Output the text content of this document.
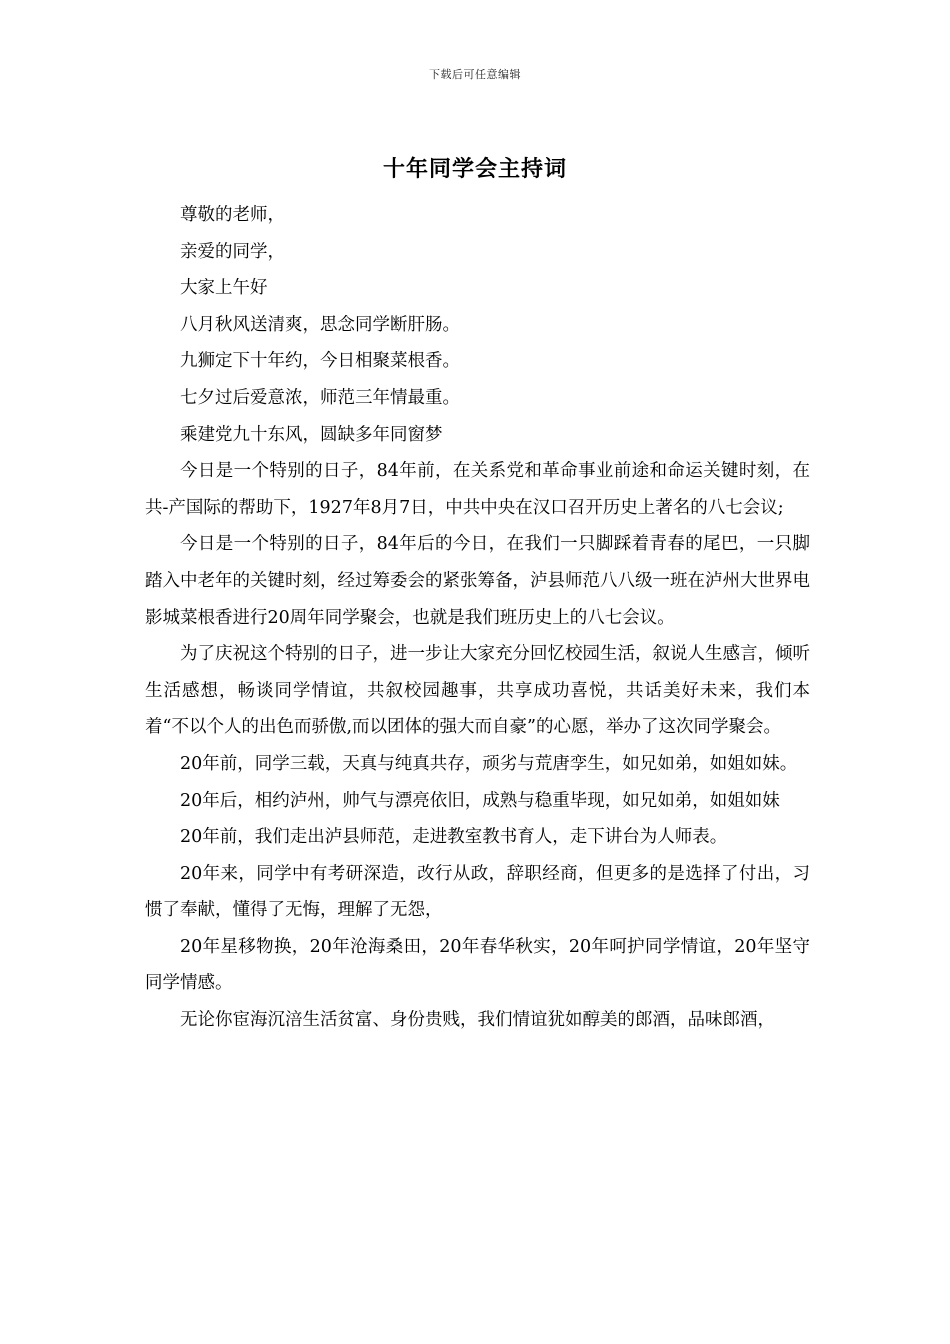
下载后可任意编辑
十年同学会主持词

尊敬的老师，

亲爱的同学，

大家上午好

八月秋风送清爽，思念同学断肝肠。

九狮定下十年约，今日相聚菜根香。

七夕过后爱意浓，师范三年情最重。

乘建党九十东风，圆缺多年同窗梦

今日是一个特别的日子，84年前，在关系党和革命事业前途和命运关键时刻，在共-产国际的帮助下，1927年8月7日，中共中央在汉口召开历史上著名的八七会议;

今日是一个特别的日子，84年后的今日，在我们一只脚踩着青春的尾巴，一只脚踏入中老年的关键时刻，经过筹委会的紧张筹备，泸县师范八八级一班在泸州大世界电影城菜根香进行20周年同学聚会，也就是我们班历史上的八七会议。

为了庆祝这个特别的日子，进一步让大家充分回忆校园生活，叙说人生感言，倾听生活感想，畅谈同学情谊，共叙校园趣事，共享成功喜悦，共话美好未来，我们本着“不以个人的出色而骄傲,而以团体的强大而自豪”的心愿，举办了这次同学聚会。

20年前，同学三载，天真与纯真共存，顽劣与荒唐孪生，如兄如弟，如姐如妹。

20年后，相约泸州，帅气与漂亮依旧，成熟与稳重毕现，如兄如弟，如姐如妹

20年前，我们走出泸县师范，走进教室教书育人，走下讲台为人师表。

20年来，同学中有考研深造，改行从政，辞职经商，但更多的是选择了付出，习惯了奉献，懂得了无悔，理解了无怨，

20年星移物换，20年沧海桑田，20年春华秋实，20年呵护同学情谊，20年坚守同学情感。

无论你宦海沉涪生活贫富、身份贵贱，我们情谊犹如醇美的郎酒，品味郎酒，
